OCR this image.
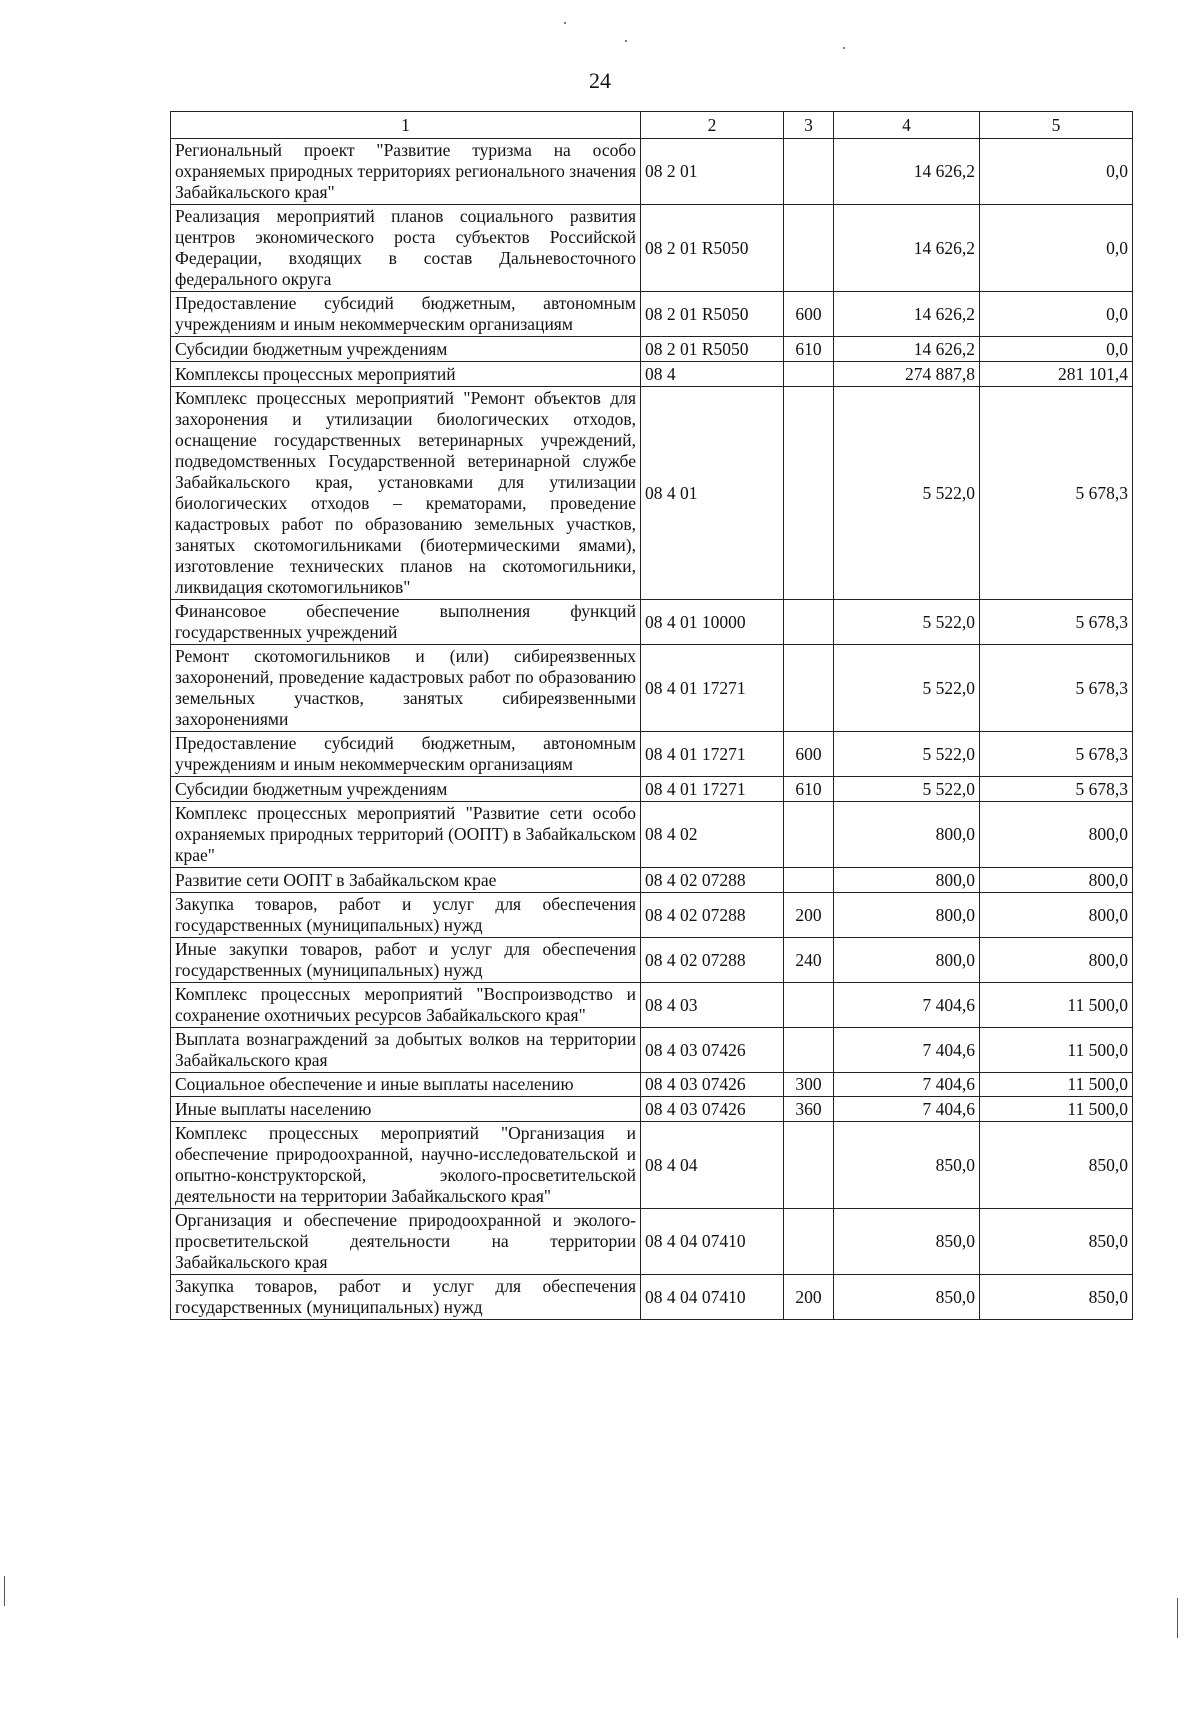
24
1	2	3	4	5
Региональный проект "Развитие туризма на особо охраняемых природных территориях регионального значения Забайкальского края"	08 2 01		14 626,2	0,0
Реализация мероприятий планов социального развития центров экономического роста субъектов Российской Федерации, входящих в состав Дальневосточного федерального округа	08 2 01 R5050		14 626,2	0,0
Предоставление субсидий бюджетным, автономным учреждениям и иным некоммерческим организациям	08 2 01 R5050	600	14 626,2	0,0
Субсидии бюджетным учреждениям	08 2 01 R5050	610	14 626,2	0,0
Комплексы процессных мероприятий	08 4		274 887,8	281 101,4
Комплекс процессных мероприятий "Ремонт объектов для захоронения и утилизации биологических отходов, оснащение государственных ветеринарных учреждений, подведомственных Государственной ветеринарной службе Забайкальского края, установками для утилизации биологических отходов – крематорами, проведение кадастровых работ по образованию земельных участков, занятых скотомогильниками (биотермическими ямами), изготовление технических планов на скотомогильники, ликвидация скотомогильников"	08 4 01		5 522,0	5 678,3
Финансовое обеспечение выполнения функций государственных учреждений	08 4 01 10000		5 522,0	5 678,3
Ремонт скотомогильников и (или) сибиреязвенных захоронений, проведение кадастровых работ по образованию земельных участков, занятых сибиреязвенными захоронениями	08 4 01 17271		5 522,0	5 678,3
Предоставление субсидий бюджетным, автономным учреждениям и иным некоммерческим организациям	08 4 01 17271	600	5 522,0	5 678,3
Субсидии бюджетным учреждениям	08 4 01 17271	610	5 522,0	5 678,3
Комплекс процессных мероприятий "Развитие сети особо охраняемых природных территорий (ООПТ) в Забайкальском крае"	08 4 02		800,0	800,0
Развитие сети ООПТ в Забайкальском крае	08 4 02 07288		800,0	800,0
Закупка товаров, работ и услуг для обеспечения государственных (муниципальных) нужд	08 4 02 07288	200	800,0	800,0
Иные закупки товаров, работ и услуг для обеспечения государственных (муниципальных) нужд	08 4 02 07288	240	800,0	800,0
Комплекс процессных мероприятий "Воспроизводство и сохранение охотничьих ресурсов Забайкальского края"	08 4 03		7 404,6	11 500,0
Выплата вознаграждений за добытых волков на территории Забайкальского края	08 4 03 07426		7 404,6	11 500,0
Социальное обеспечение и иные выплаты населению	08 4 03 07426	300	7 404,6	11 500,0
Иные выплаты населению	08 4 03 07426	360	7 404,6	11 500,0
Комплекс процессных мероприятий "Организация и обеспечение природоохранной, научно-исследовательской и опытно-конструкторской, эколого-просветительской деятельности на территории Забайкальского края"	08 4 04		850,0	850,0
Организация и обеспечение природоохранной и эколого-просветительской деятельности на территории Забайкальского края	08 4 04 07410		850,0	850,0
Закупка товаров, работ и услуг для обеспечения государственных (муниципальных) нужд	08 4 04 07410	200	850,0	850,0
